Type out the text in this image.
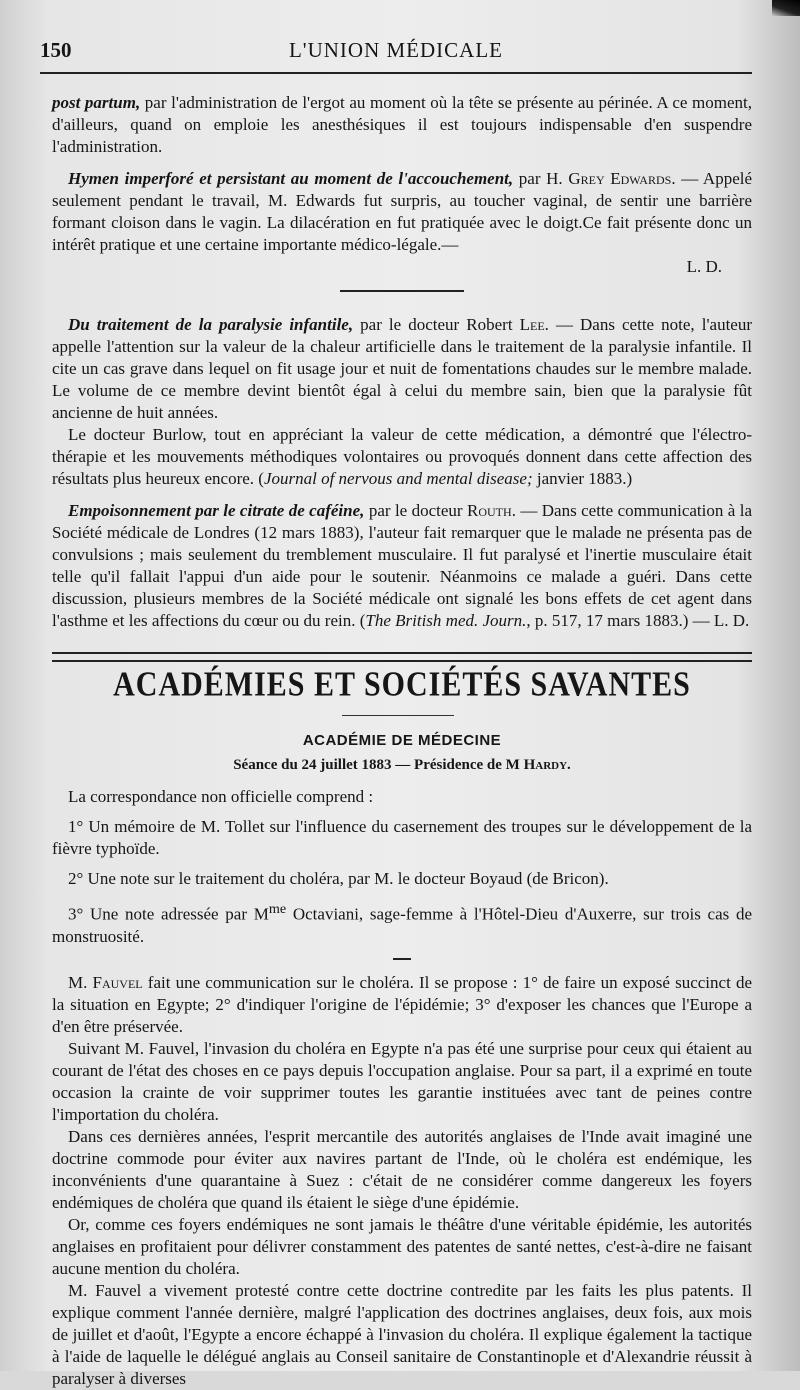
150	L'UNION MÉDICALE

post partum, par l'administration de l'ergot au moment où la tête se présente au périnée. A ce moment, d'ailleurs, quand on emploie les anesthésiques il est toujours indispensable d'en suspendre l'administration.

Hymen imperforé et persistant au moment de l'accouchement, par H. Grey Edwards. — Appelé seulement pendant le travail, M. Edwards fut surpris, au toucher vaginal, de sentir une barrière formant cloison dans le vagin. La dilacération en fut pratiquée avec le doigt.Ce fait présente donc un intérêt pratique et une certaine importante médico-légale.—

L. D.

Du traitement de la paralysie infantile, par le docteur Robert Lee. — Dans cette note, l'auteur appelle l'attention sur la valeur de la chaleur artificielle dans le traitement de la paralysie infantile. Il cite un cas grave dans lequel on fit usage jour et nuit de fomentations chaudes sur le membre malade. Le volume de ce membre devint bientôt égal à celui du membre sain, bien que la paralysie fût ancienne de huit années.

Le docteur Burlow, tout en appréciant la valeur de cette médication, a démontré que l'électro-thérapie et les mouvements méthodiques volontaires ou provoqués donnent dans cette affection des résultats plus heureux encore. (Journal of nervous and mental disease; janvier 1883.)

Empoisonnement par le citrate de caféine, par le docteur Routh. — Dans cette communication à la Société médicale de Londres (12 mars 1883), l'auteur fait remarquer que le malade ne présenta pas de convulsions ; mais seulement du tremblement musculaire. Il fut paralysé et l'inertie musculaire était telle qu'il fallait l'appui d'un aide pour le soutenir. Néanmoins ce malade a guéri. Dans cette discussion, plusieurs membres de la Société médicale ont signalé les bons effets de cet agent dans l'asthme et les affections du cœur ou du rein. (The British med. Journ., p. 517, 17 mars 1883.) — L. D.

ACADÉMIES ET SOCIÉTÉS SAVANTES
ACADÉMIE DE MÉDECINE
Séance du 24 juillet 1883 — Présidence de M Hardy.

La correspondance non officielle comprend :

1° Un mémoire de M. Tollet sur l'influence du casernement des troupes sur le développement de la fièvre typhoïde.

2° Une note sur le traitement du choléra, par M. le docteur Boyaud (de Bricon).

3° Une note adressée par $M^{me}$ Octaviani, sage-femme à l'Hôtel-Dieu d'Auxerre, sur trois cas de monstruosité.

M. Fauvel fait une communication sur le choléra. Il se propose : 1° de faire un exposé succinct de la situation en Egypte; 2° d'indiquer l'origine de l'épidémie; 3° d'exposer les chances que l'Europe a d'en être préservée.

Suivant M. Fauvel, l'invasion du choléra en Egypte n'a pas été une surprise pour ceux qui étaient au courant de l'état des choses en ce pays depuis l'occupation anglaise. Pour sa part, il a exprimé en toute occasion la crainte de voir supprimer toutes les garantie instituées avec tant de peines contre l'importation du choléra.

Dans ces dernières années, l'esprit mercantile des autorités anglaises de l'Inde avait imaginé une doctrine commode pour éviter aux navires partant de l'Inde, où le choléra est endémique, les inconvénients d'une quarantaine à Suez : c'était de ne considérer comme dangereux les foyers endémiques de choléra que quand ils étaient le siège d'une épidémie.

Or, comme ces foyers endémiques ne sont jamais le théâtre d'une véritable épidémie, les autorités anglaises en profitaient pour délivrer constamment des patentes de santé nettes, c'est-à-dire ne faisant aucune mention du choléra.

M. Fauvel a vivement protesté contre cette doctrine contredite par les faits les plus patents. Il explique comment l'année dernière, malgré l'application des doctrines anglaises, deux fois, aux mois de juillet et d'août, l'Egypte a encore échappé à l'invasion du choléra. Il explique également la tactique à l'aide de laquelle le délégué anglais au Conseil sanitaire de Constantinople et d'Alexandrie réussit à paralyser à diverses
